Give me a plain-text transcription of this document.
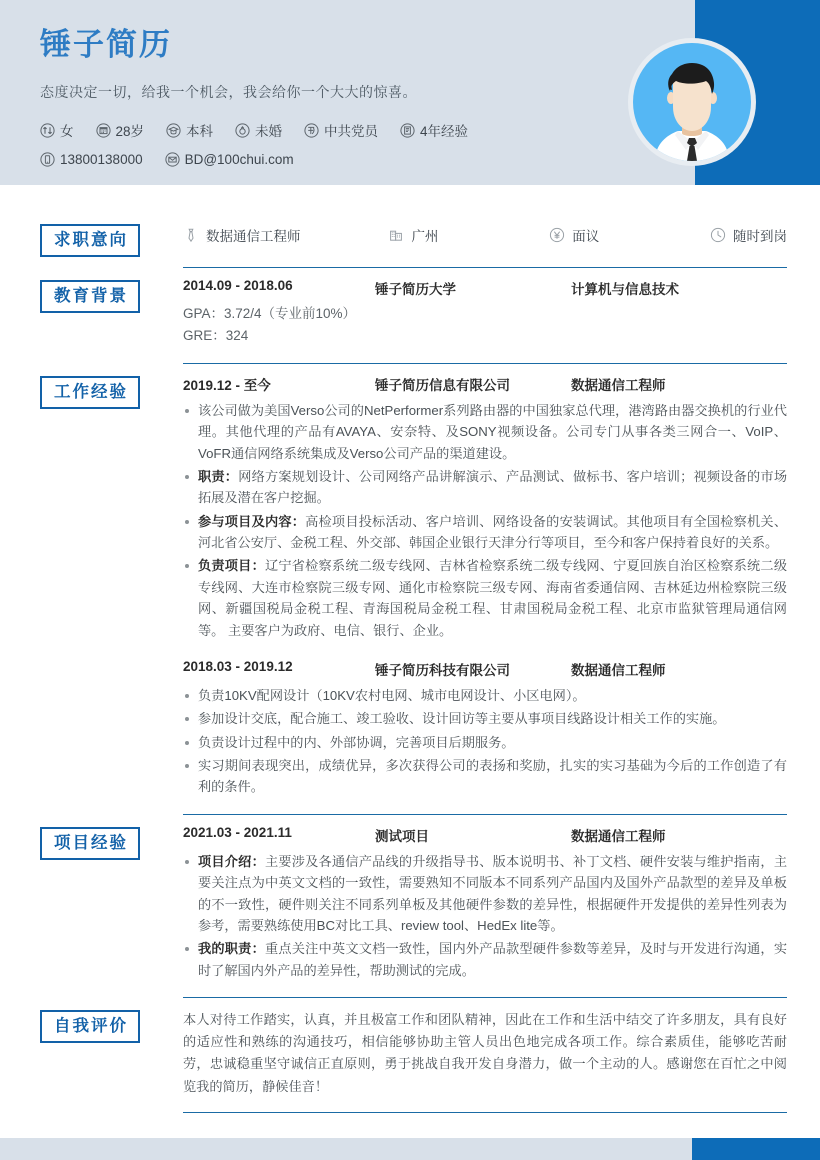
锤子简历
态度决定一切，给我一个机会，我会给你一个大大的惊喜。
女	28岁	本科	未婚	中共党员	4年经验
13800138000	BD@100chui.com
求职意向	数据通信工程师	广州	面议	随时到岗
教育背景
2014.09 - 2018.06	锤子简历大学	计算机与信息技术
GPA：3.72/4（专业前10%）
GRE：324
工作经验	2019.12 - 至今	锤子简历信息有限公司	数据通信工程师
该公司做为美国Verso公司的NetPerformer系列路由器的中国独家总代理，港湾路由器交换机的行业代理。其他代理的产品有AVAYA、安奈特、及SONY视频设备。公司专门从事各类三网合一、VoIP、VoFR通信网络系统集成及Verso公司产品的渠道建设。
职责：网络方案规划设计、公司网络产品讲解演示、产品测试、做标书、客户培训；视频设备的市场拓展及潜在客户挖掘。
参与项目及内容：高检项目投标活动、客户培训、网络设备的安装调试。其他项目有全国检察机关、河北省公安厅、金税工程、外交部、韩国企业银行天津分行等项目，至今和客户保持着良好的关系。
负责项目：辽宁省检察系统二级专线网、吉林省检察系统二级专线网、宁夏回族自治区检察系统二级专线网、大连市检察院三级专网、通化市检察院三级专网、海南省委通信网、吉林延边州检察院三级网、新疆国税局金税工程、青海国税局金税工程、甘肃国税局金税工程、北京市监狱管理局通信网等。 主要客户为政府、电信、银行、企业。
2018.03 - 2019.12	锤子简历科技有限公司	数据通信工程师
负责10KV配网设计（10KV农村电网、城市电网设计、小区电网）。
参加设计交底，配合施工、竣工验收、设计回访等主要从事项目线路设计相关工作的实施。
负责设计过程中的内、外部协调，完善项目后期服务。
实习期间表现突出，成绩优异，多次获得公司的表扬和奖励，扎实的实习基础为今后的工作创造了有利的条件。
项目经验
2021.03 - 2021.11	测试项目	数据通信工程师
项目介绍：主要涉及各通信产品线的升级指导书、版本说明书、补丁文档、硬件安装与维护指南，主要关注点为中英文文档的一致性，需要熟知不同版本不同系列产品国内及国外产品款型的差异及单板的不一致性，硬件则关注不同系列单板及其他硬件参数的差异性，根据硬件开发提供的差异性列表为参考，需要熟练使用BC对比工具、review tool、HedEx lite等。
我的职责：重点关注中英文文档一致性，国内外产品款型硬件参数等差异，及时与开发进行沟通，实时了解国内外产品的差异性，帮助测试的完成。
自我评价	本人对待工作踏实，认真，并且极富工作和团队精神，因此在工作和生活中结交了许多朋友，具有良好的适应性和熟练的沟通技巧，相信能够协助主管人员出色地完成各项工作。综合素质佳，能够吃苦耐劳，忠诚稳重坚守诚信正直原则，勇于挑战自我开发自身潜力，做一个主动的人。感谢您在百忙之中阅览我的简历，静候佳音！
